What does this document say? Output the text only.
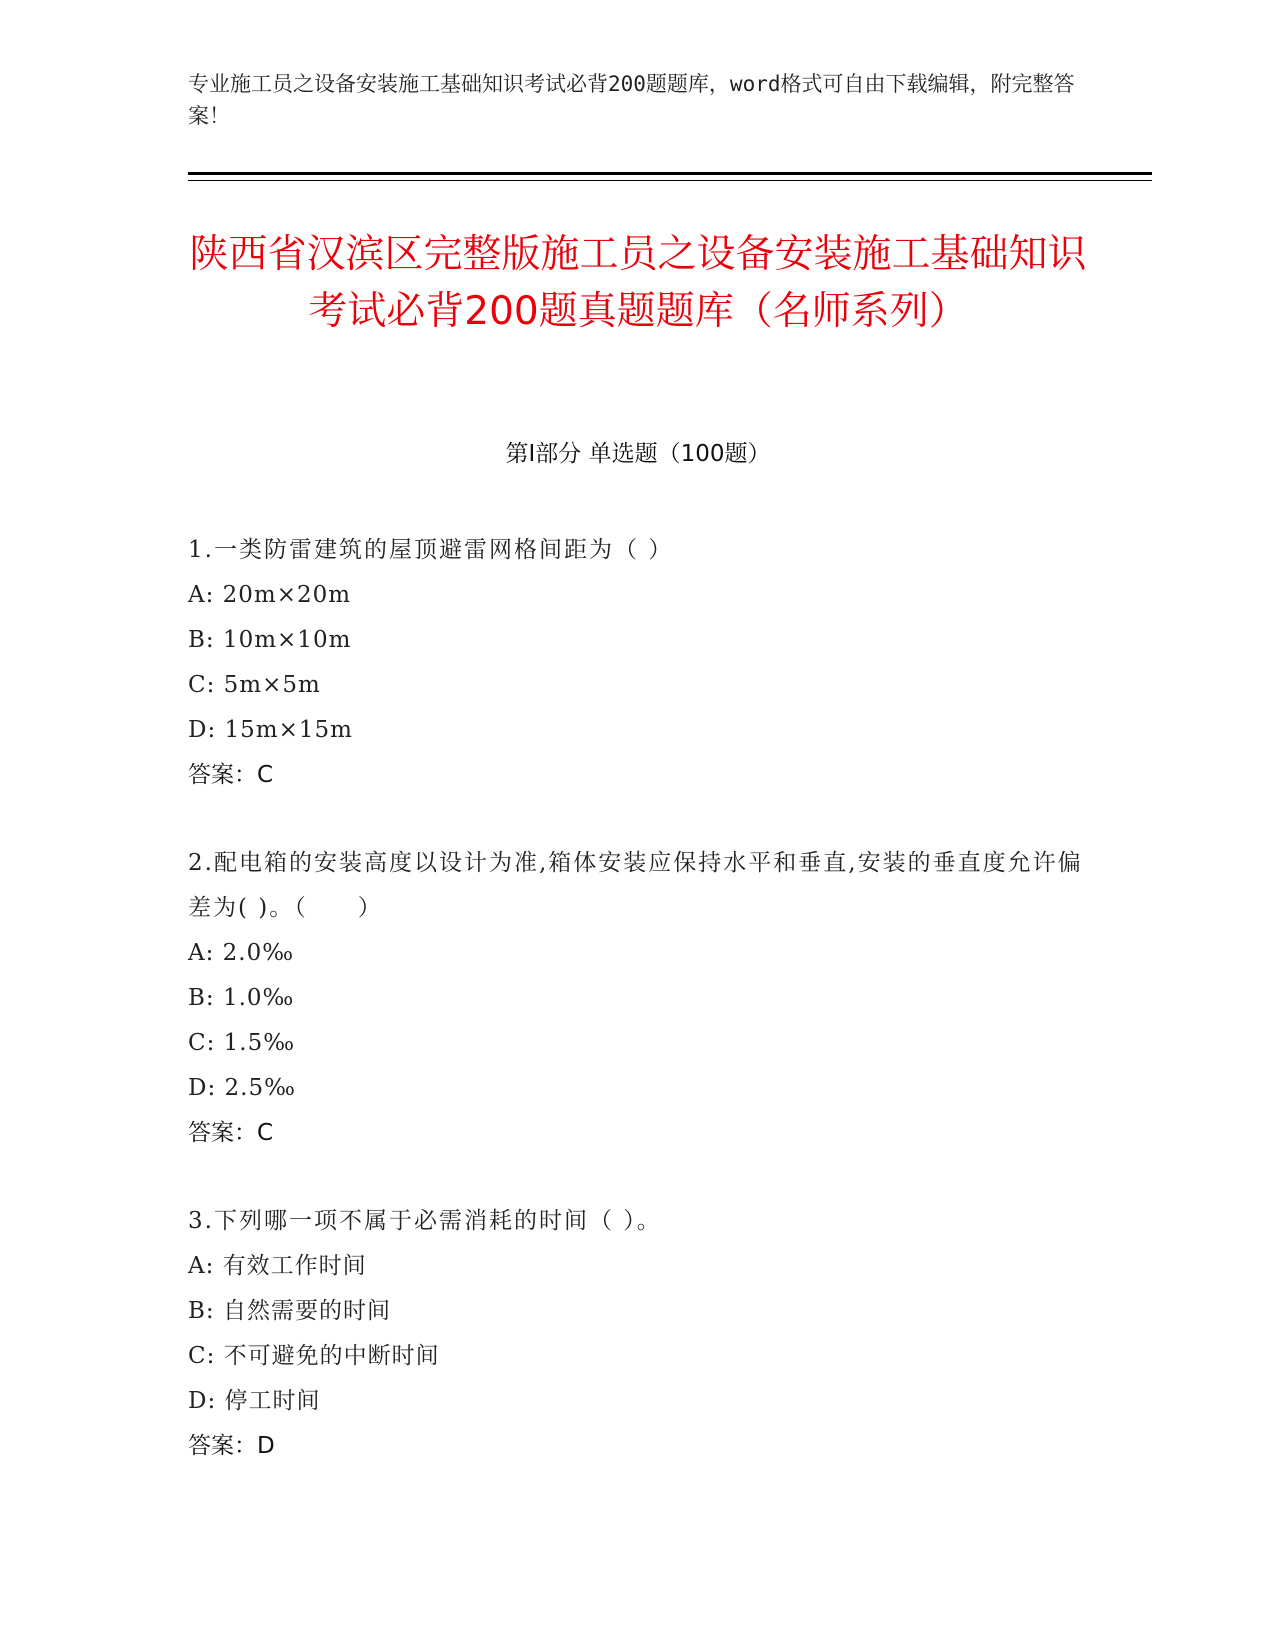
专业施工员之设备安装施工基础知识考试必背200题题库，word格式可自由下载编辑，附完整答案！
陕西省汉滨区完整版施工员之设备安装施工基础知识考试必背200题真题题库（名师系列）
第I部分 单选题（100题）
1.一类防雷建筑的屋顶避雷网格间距为（ ）
A: 20m×20m
B: 10m×10m
C: 5m×5m
D: 15m×15m
答案：C
2.配电箱的安装高度以设计为准,箱体安装应保持水平和垂直,安装的垂直度允许偏差为( )。（　　）
A: 2.0‰
B: 1.0‰
C: 1.5‰
D: 2.5‰
答案：C
3.下列哪一项不属于必需消耗的时间（ ）。
A: 有效工作时间
B: 自然需要的时间
C: 不可避免的中断时间
D: 停工时间
答案：D
